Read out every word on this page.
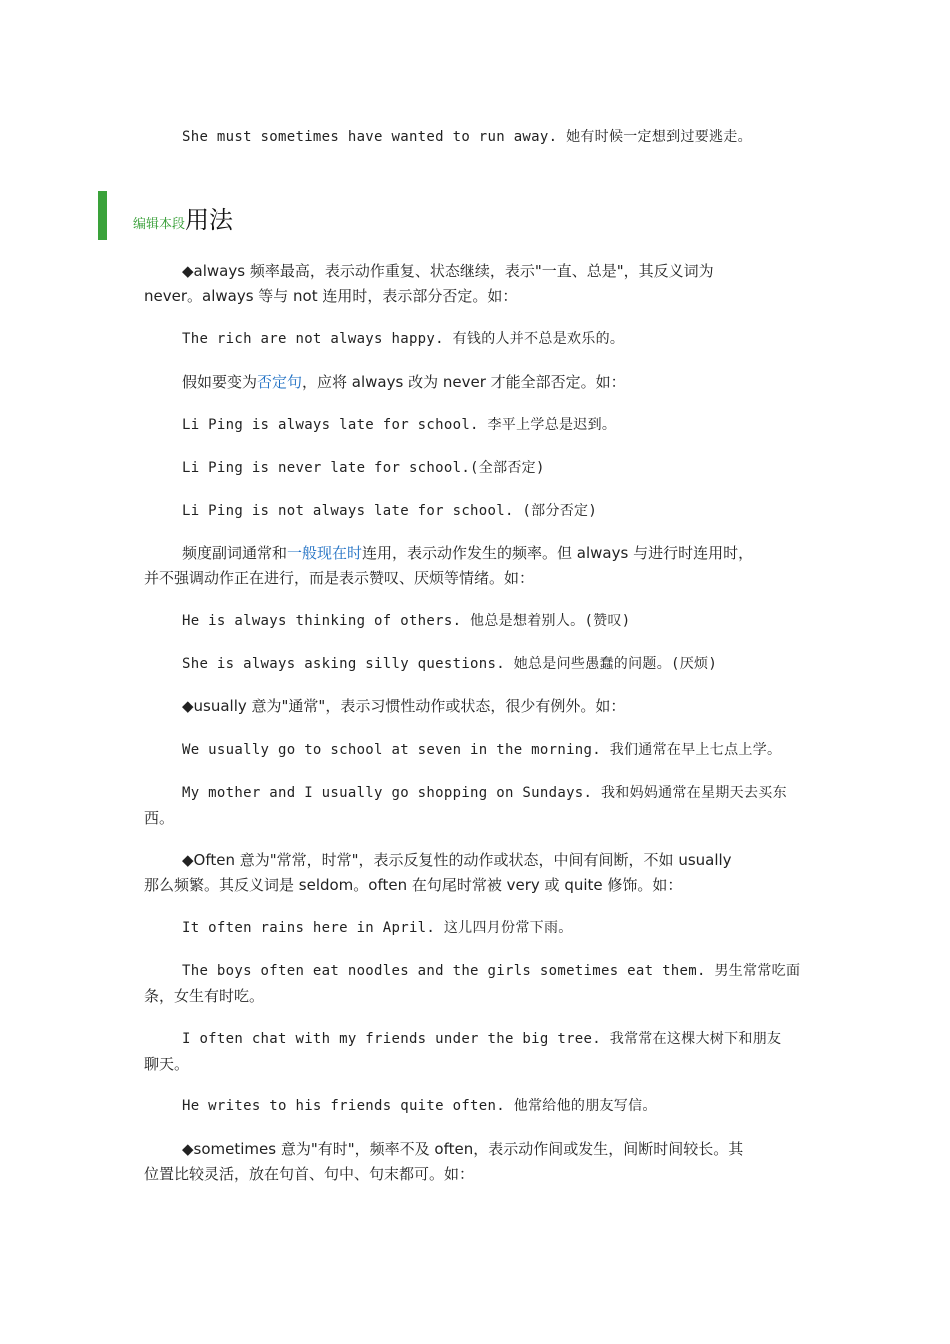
She must sometimes have wanted to run away. 她有时候一定想到过要逃走。
编辑本段用法
◆always 频率最高，表示动作重复、状态继续，表示"一直、总是"，其反义词为
never。always 等与 not 连用时，表示部分否定。如：
The rich are not always happy. 有钱的人并不总是欢乐的。
假如要变为否定句，应将 always 改为 never 才能全部否定。如：
Li Ping is always late for school. 李平上学总是迟到。
Li Ping is never late for school.(全部否定)
Li Ping is not always late for school. (部分否定)
频度副词通常和一般现在时连用，表示动作发生的频率。但 always 与进行时连用时，
并不强调动作正在进行，而是表示赞叹、厌烦等情绪。如：
He is always thinking of others. 他总是想着别人。(赞叹)
She is always asking silly questions. 她总是问些愚蠢的问题。(厌烦)
◆usually 意为"通常"，表示习惯性动作或状态，很少有例外。如：
We usually go to school at seven in the morning. 我们通常在早上七点上学。
My mother and I usually go shopping on Sundays. 我和妈妈通常在星期天去买东
西。
◆Often 意为"常常，时常"，表示反复性的动作或状态，中间有间断，不如 usually
那么频繁。其反义词是 seldom。often 在句尾时常被 very 或 quite 修饰。如：
It often rains here in April. 这儿四月份常下雨。
The boys often eat noodles and the girls sometimes eat them. 男生常常吃面
条，女生有时吃。
I often chat with my friends under the big tree. 我常常在这棵大树下和朋友
聊天。
He writes to his friends quite often. 他常给他的朋友写信。
◆sometimes 意为"有时"，频率不及 often，表示动作间或发生，间断时间较长。其
位置比较灵活，放在句首、句中、句末都可。如：
